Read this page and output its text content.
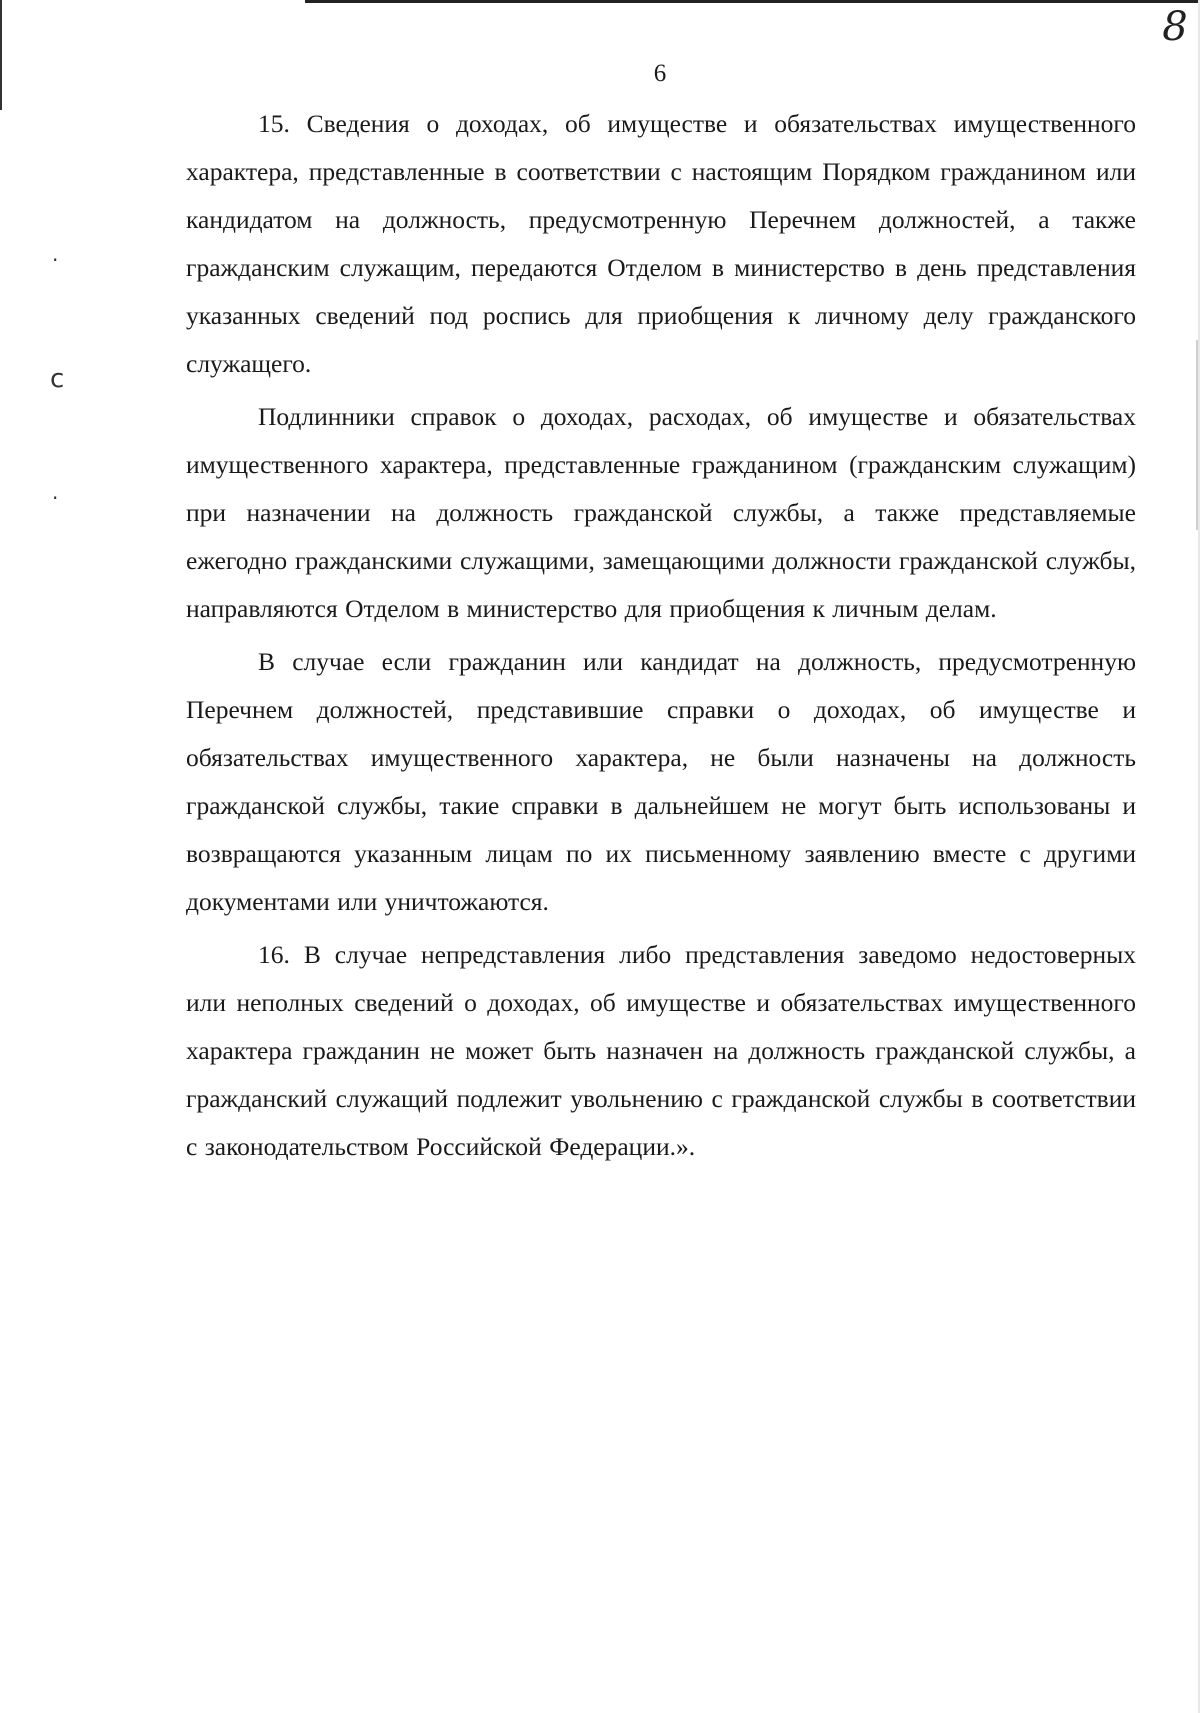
8
6
·
ϲ
·

15. Сведения о доходах, об имуществе и обязательствах имущественного характера, представленные в соответствии с настоящим Порядком гражданином или кандидатом на должность, предусмотренную Перечнем должностей, а также гражданским служащим, передаются Отделом в министерство в день представления указанных сведений под роспись для приобщения к личному делу гражданского служащего.

Подлинники справок о доходах, расходах, об имуществе и обязательствах имущественного характера, представленные гражданином (гражданским служащим) при назначении на должность гражданской службы, а также представляемые ежегодно гражданскими служащими, замещающими должности гражданской службы, направляются Отделом в министерство для приобщения к личным делам.

В случае если гражданин или кандидат на должность, предусмотренную Перечнем должностей, представившие справки о доходах, об имуществе и обязательствах имущественного характера, не были назначены на должность гражданской службы, такие справки в дальнейшем не могут быть использованы и возвращаются указанным лицам по их письменному заявлению вместе с другими документами или уничтожаются.

16. В случае непредставления либо представления заведомо недостоверных или неполных сведений о доходах, об имуществе и обязательствах имущественного характера гражданин не может быть назначен на должность гражданской службы, а гражданский служащий подлежит увольнению с гражданской службы в соответствии с законодательством Российской Федерации.».
